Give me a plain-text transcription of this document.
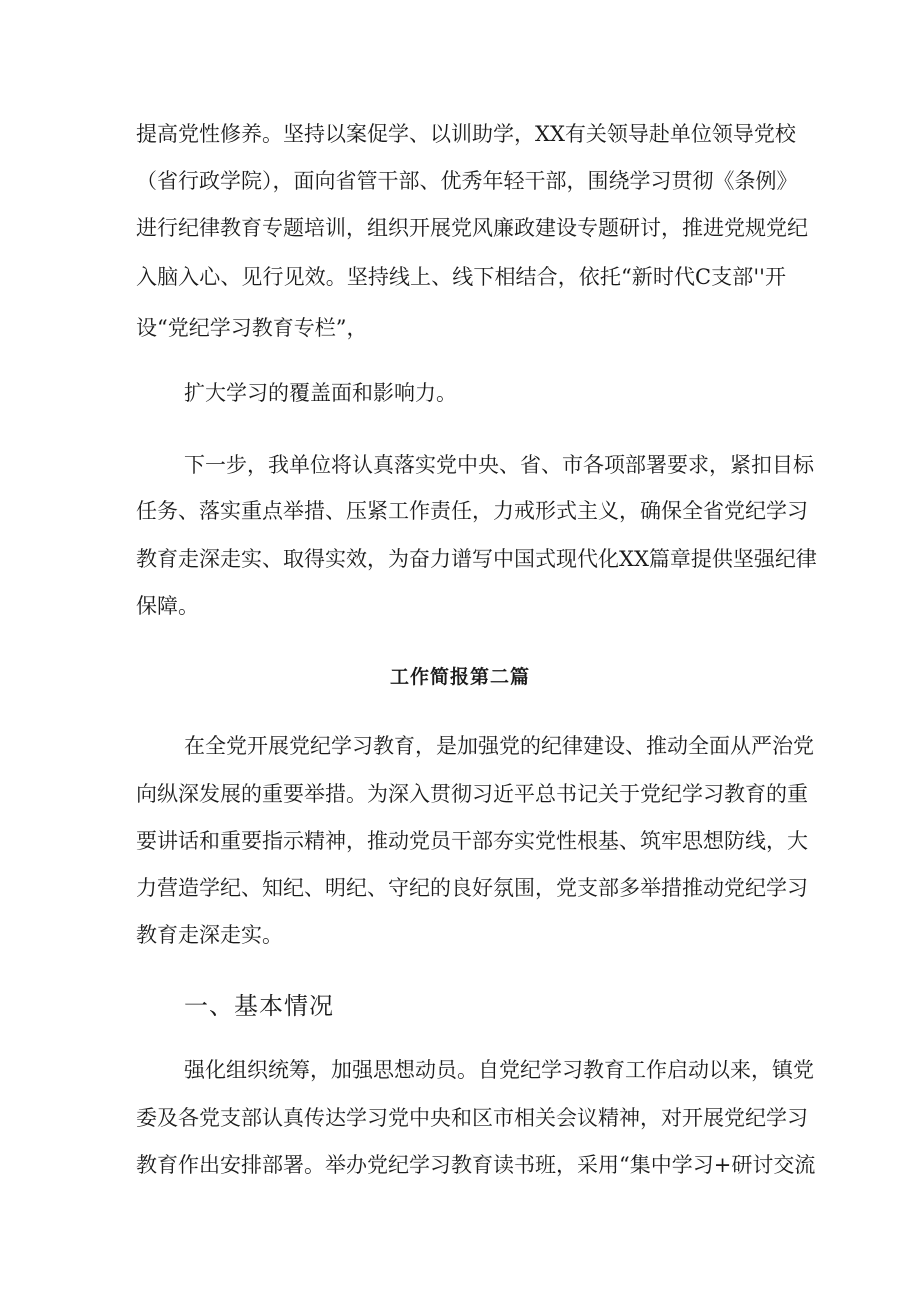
提高党性修养。坚持以案促学、以训助学，XX有关领导赴单位领导党校
（省行政学院），面向省管干部、优秀年轻干部，围绕学习贯彻《条例》
进行纪律教育专题培训，组织开展党风廉政建设专题研讨，推进党规党纪
入脑入心、见行见效。坚持线上、线下相结合，依托“新时代C支部''开
设“党纪学习教育专栏”，
扩大学习的覆盖面和影响力。
下一步，我单位将认真落实党中央、省、市各项部署要求，紧扣目标
任务、落实重点举措、压紧工作责任，力戒形式主义，确保全省党纪学习
教育走深走实、取得实效，为奋力谱写中国式现代化XX篇章提供坚强纪律
保障。
工作简报第二篇
在全党开展党纪学习教育，是加强党的纪律建设、推动全面从严治党
向纵深发展的重要举措。为深入贯彻习近平总书记关于党纪学习教育的重
要讲话和重要指示精神，推动党员干部夯实党性根基、筑牢思想防线，大
力营造学纪、知纪、明纪、守纪的良好氛围，党支部多举措推动党纪学习
教育走深走实。
一、基本情况
强化组织统筹，加强思想动员。自党纪学习教育工作启动以来，镇党
委及各党支部认真传达学习党中央和区市相关会议精神，对开展党纪学习
教育作出安排部署。举办党纪学习教育读书班，采用“集中学习+研讨交流
